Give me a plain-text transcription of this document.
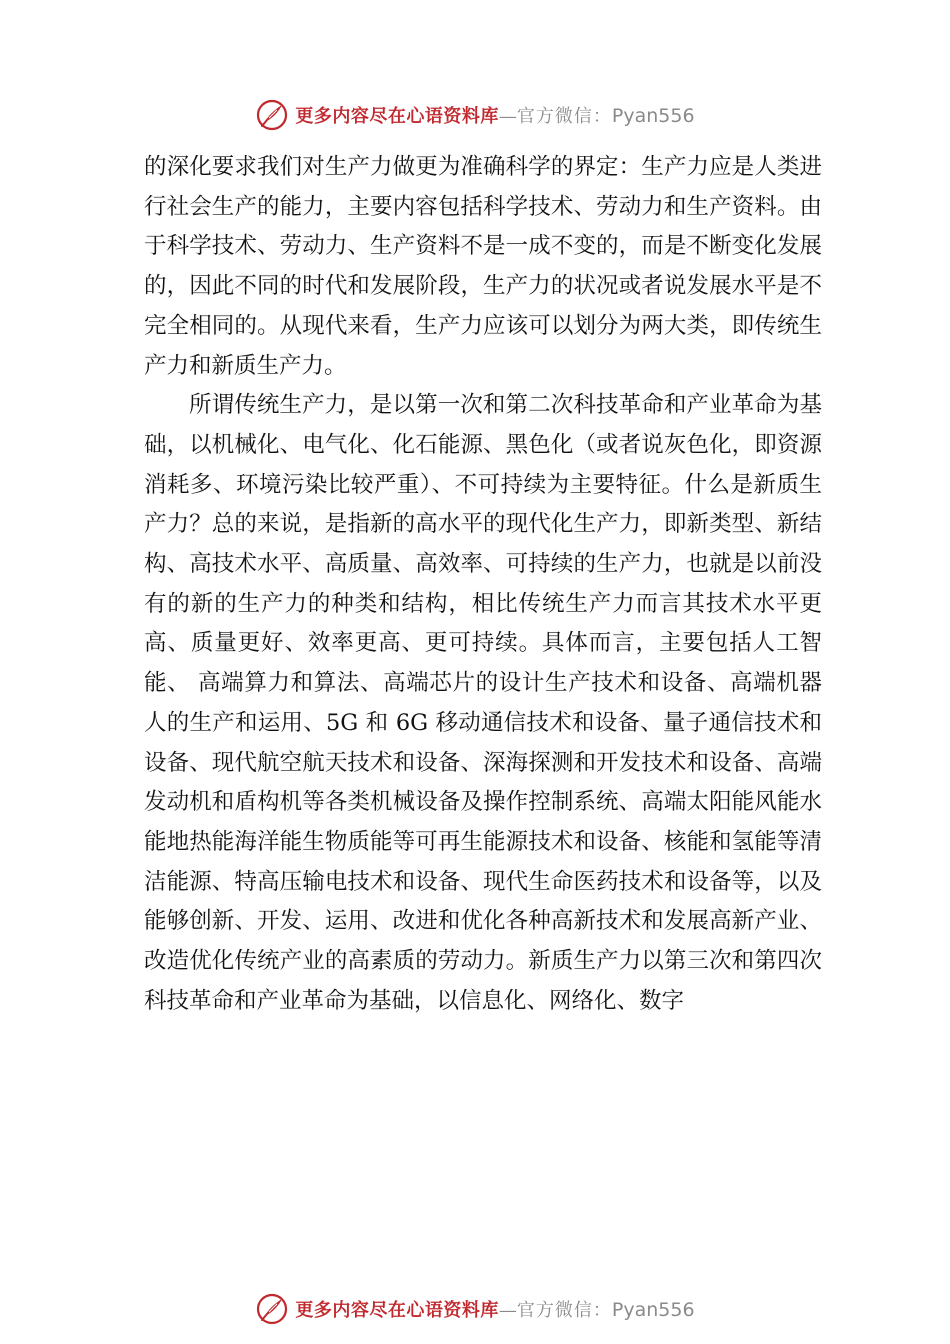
更多内容尽在心语资料库 — 官方微信： Pyan556

的深化要求我们对生产力做更为准确科学的界定：生产力应是人类进行社会生产的能力，主要内容包括科学技术、劳动力和生产资料。由于科学技术、劳动力、生产资料不是一成不变的，而是不断变化发展的，因此不同的时代和发展阶段，生产力的状况或者说发展水平是不完全相同的。从现代来看，生产力应该可以划分为两大类，即传统生产力和新质生产力。

所谓传统生产力，是以第一次和第二次科技革命和产业革命为基础，以机械化、电气化、化石能源、黑色化（或者说灰色化，即资源消耗多、环境污染比较严重）、不可持续为主要特征。什么是新质生产力？总的来说，是指新的高水平的现代化生产力，即新类型、新结构、高技术水平、高质量、高效率、可持续的生产力，也就是以前没有的新的生产力的种类和结构，相比传统生产力而言其技术水平更高、质量更好、效率更高、更可持续。具体而言，主要包括人工智能、 高端算力和算法、高端芯片的设计生产技术和设备、高端机器人的生产和运用、5G 和 6G 移动通信技术和设备、量子通信技术和设备、现代航空航天技术和设备、深海探测和开发技术和设备、高端发动机和盾构机等各类机械设备及操作控制系统、高端太阳能风能水能地热能海洋能生物质能等可再生能源技术和设备、核能和氢能等清洁能源、特高压输电技术和设备、现代生命医药技术和设备等，以及能够创新、开发、运用、改进和优化各种高新技术和发展高新产业、改造优化传统产业的高素质的劳动力。新质生产力以第三次和第四次科技革命和产业革命为基础，以信息化、网络化、数字

更多内容尽在心语资料库 — 官方微信： Pyan556
